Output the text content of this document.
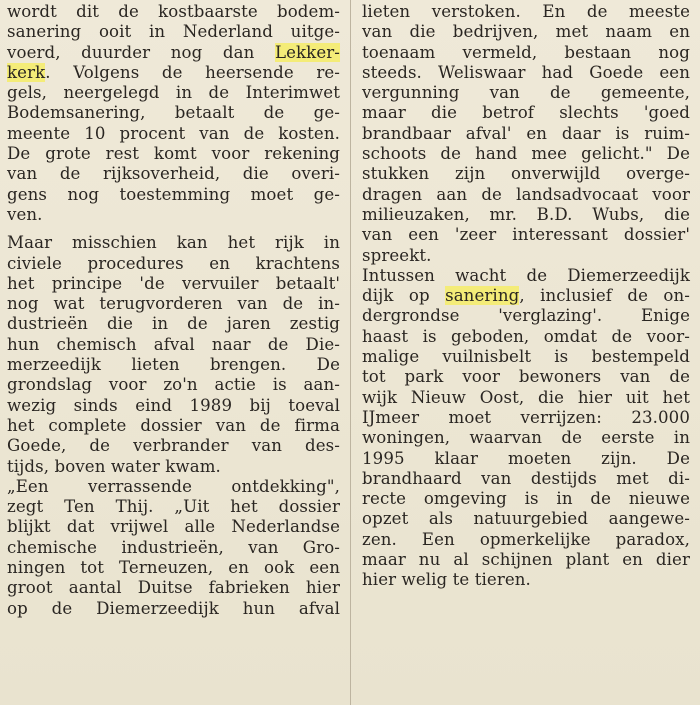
wordt dit de kostbaarste bodem-
sanering ooit in Nederland uitge-
voerd, duurder nog dan Lekker-
kerk. Volgens de heersende re-
gels, neergelegd in de Interimwet
Bodemsanering, betaalt de ge-
meente 10 procent van de kosten.
De grote rest komt voor rekening
van de rijksoverheid, die overi-
gens nog toestemming moet ge-
ven.
Maar misschien kan het rijk in
civiele procedures en krachtens
het principe 'de vervuiler betaalt'
nog wat terugvorderen van de in-
dustrieën die in de jaren zestig
hun chemisch afval naar de Die-
merzeedijk lieten brengen. De
grondslag voor zo'n actie is aan-
wezig sinds eind 1989 bij toeval
het complete dossier van de firma
Goede, de verbrander van des-
tijds, boven water kwam.
„Een verrassende ontdekking",
zegt Ten Thij. „Uit het dossier
blijkt dat vrijwel alle Nederlandse
chemische industrieën, van Gro-
ningen tot Terneuzen, en ook een
groot aantal Duitse fabrieken hier
op de Diemerzeedijk hun afval
lieten verstoken. En de meeste
van die bedrijven, met naam en
toenaam vermeld, bestaan nog
steeds. Weliswaar had Goede een
vergunning van de gemeente,
maar die betrof slechts 'goed
brandbaar afval' en daar is ruim-
schoots de hand mee gelicht." De
stukken zijn onverwijld overge-
dragen aan de landsadvocaat voor
milieuzaken, mr. B.D. Wubs, die
van een 'zeer interessant dossier'
spreekt.
Intussen wacht de Diemerzeedijk
dijk op sanering, inclusief de on-
dergrondse 'verglazing'. Enige
haast is geboden, omdat de voor-
malige vuilnisbelt is bestempeld
tot park voor bewoners van de
wijk Nieuw Oost, die hier uit het
IJmeer moet verrijzen: 23.000
woningen, waarvan de eerste in
1995 klaar moeten zijn. De
brandhaard van destijds met di-
recte omgeving is in de nieuwe
opzet als natuurgebied aangewe-
zen. Een opmerkelijke paradox,
maar nu al schijnen plant en dier
hier welig te tieren.
